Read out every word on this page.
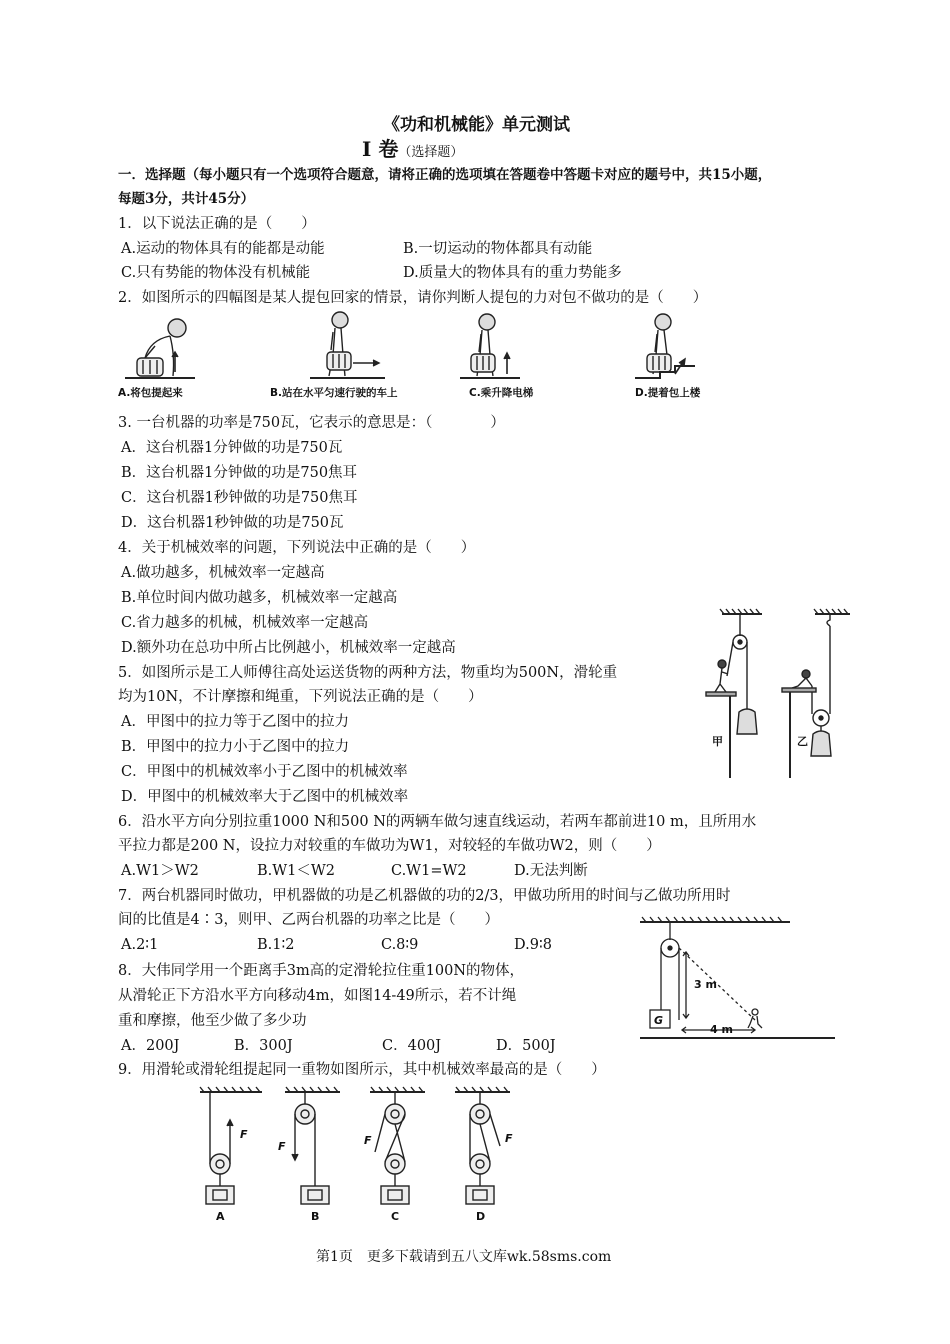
《功和机械能》单元测试
Ⅰ 卷（选择题）
一．选择题（每小题只有一个选项符合题意，请将正确的选项填在答题卷中答题卡对应的题号中，共15小题，
每题3分，共计45分）
1．以下说法正确的是（　　）
A.运动的物体具有的能都是动能	B.一切运动的物体都具有动能
C.只有势能的物体没有机械能	D.质量大的物体具有的重力势能多
2．如图所示的四幅图是某人提包回家的情景，请你判断人提包的力对包不做功的是（　　）
A.将包提起来	B.站在水平匀速行驶的车上	C.乘升降电梯	D.提着包上楼
3. 一台机器的功率是750瓦，它表示的意思是：（　　　　）
A．这台机器1分钟做的功是750瓦
B．这台机器1分钟做的功是750焦耳
C．这台机器1秒钟做的功是750焦耳
D．这台机器1秒钟做的功是750瓦
4．关于机械效率的问题，下列说法中正确的是（　　）
A.做功越多，机械效率一定越高
B.单位时间内做功越多，机械效率一定越高
C.省力越多的机械，机械效率一定越高
D.额外功在总功中所占比例越小，机械效率一定越高
甲	乙
5．如图所示是工人师傅往高处运送货物的两种方法，物重均为500N，滑轮重
均为10N，不计摩擦和绳重，下列说法正确的是（　　）
A．甲图中的拉力等于乙图中的拉力
B．甲图中的拉力小于乙图中的拉力
C．甲图中的机械效率小于乙图中的机械效率
D．甲图中的机械效率大于乙图中的机械效率
6．沿水平方向分别拉重1000 N和500 N的两辆车做匀速直线运动，若两车都前进10 m，且所用水
平拉力都是200 N，设拉力对较重的车做功为W1，对较轻的车做功W2，则（　　）
A.W1＞W2	B.W1＜W2	C.W1=W2	D.无法判断
7．两台机器同时做功，甲机器做的功是乙机器做的功的2/3，甲做功所用的时间与乙做功所用时
间的比值是4∶3，则甲、乙两台机器的功率之比是（　　）
A.2∶1	B.1∶2	C.8∶9	D.9∶8
3 m
4 m
G
8．大伟同学用一个距离手3m高的定滑轮拉住重100N的物体，
从滑轮正下方沿水平方向移动4m，如图14-49所示，若不计绳
重和摩擦，他至少做了多少功
A．200J	B．300J	C．400J	D．500J
9．用滑轮或滑轮组提起同一重物如图所示，其中机械效率最高的是（　　）
F
F	F	F
A	B	C	D
第1页　更多下载请到五八文库wk.58sms.com
